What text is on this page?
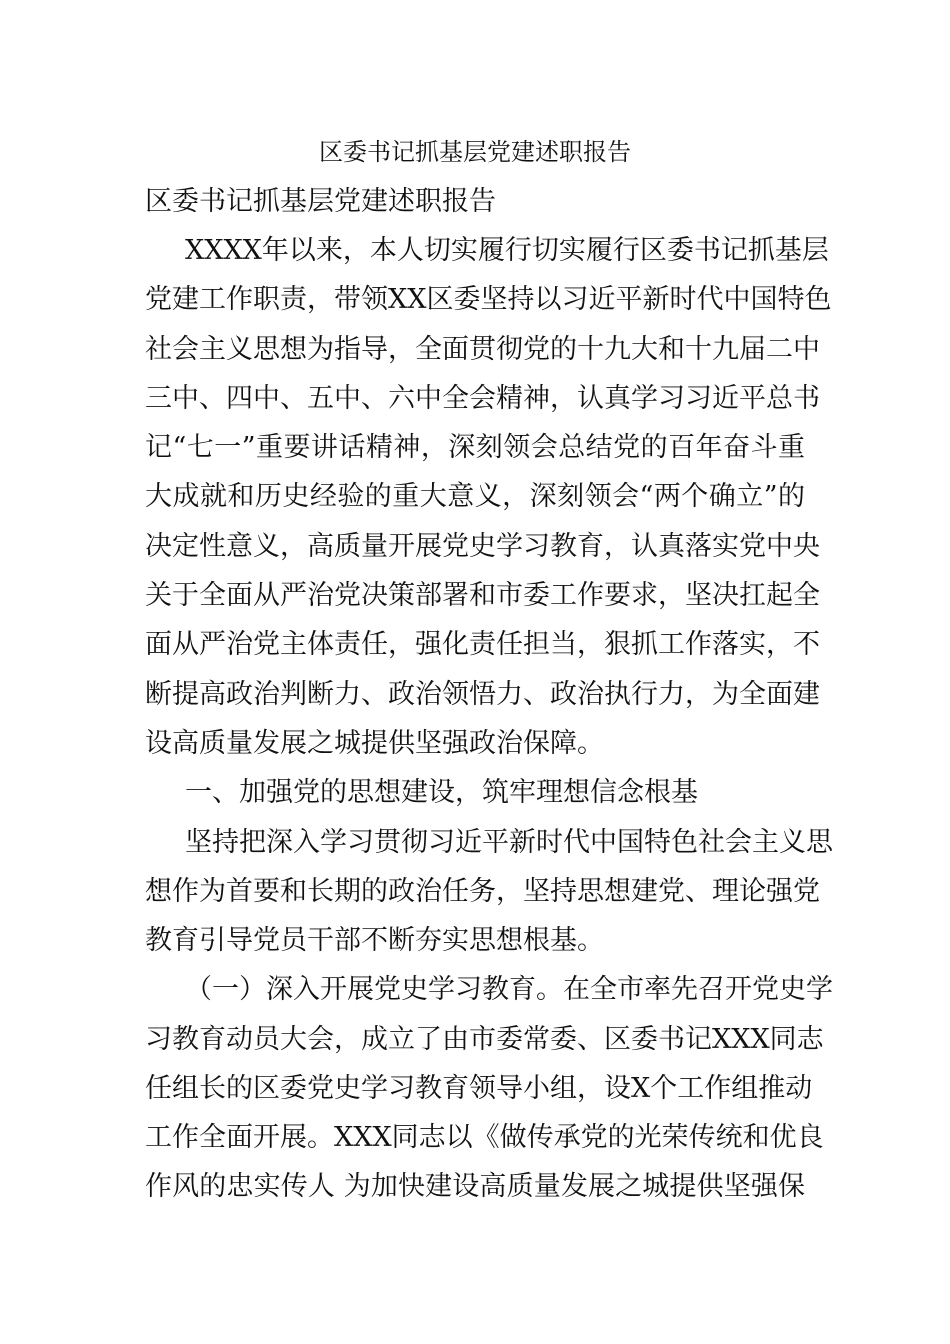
区委书记抓基层党建述职报告
区委书记抓基层党建述职报告
XXXX年以来，本人切实履行切实履行区委书记抓基层
党建工作职责，带领XX区委坚持以习近平新时代中国特色
社会主义思想为指导，全面贯彻党的十九大和十九届二中
三中、四中、五中、六中全会精神，认真学习习近平总书
记“七一”重要讲话精神，深刻领会总结党的百年奋斗重
大成就和历史经验的重大意义，深刻领会“两个确立”的
决定性意义，高质量开展党史学习教育，认真落实党中央
关于全面从严治党决策部署和市委工作要求，坚决扛起全
面从严治党主体责任，强化责任担当，狠抓工作落实，不
断提高政治判断力、政治领悟力、政治执行力，为全面建
设高质量发展之城提供坚强政治保障。
一、加强党的思想建设，筑牢理想信念根基
坚持把深入学习贯彻习近平新时代中国特色社会主义思
想作为首要和长期的政治任务，坚持思想建党、理论强党
教育引导党员干部不断夯实思想根基。
（一）深入开展党史学习教育。在全市率先召开党史学
习教育动员大会，成立了由市委常委、区委书记XXX同志
任组长的区委党史学习教育领导小组，设X个工作组推动
工作全面开展。XXX同志以《做传承党的光荣传统和优良
作风的忠实传人 为加快建设高质量发展之城提供坚强保
